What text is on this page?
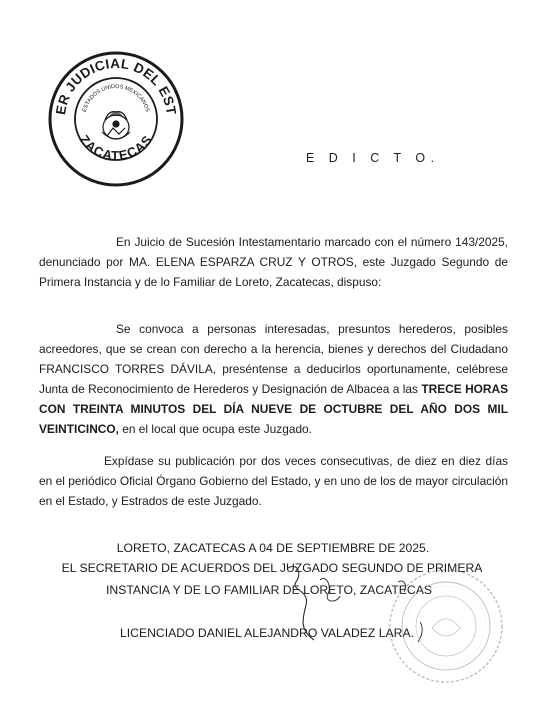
ER JUDICIAL DEL EST
ZACATECAS
ESTADOS UNIDOS MEXICANOS
E D I C T O.
En Juicio de Sucesión Intestamentario marcado con el número 143/2025, denunciado por MA. ELENA ESPARZA CRUZ Y OTROS, este Juzgado Segundo de Primera Instancia y de lo Familiar de Loreto, Zacatecas, dispuso:
Se convoca a personas interesadas, presuntos herederos, posibles acreedores, que se crean con derecho a la herencia, bienes y derechos del Ciudadano FRANCISCO TORRES DÁVILA, preséntense a deducirlos oportunamente, celébrese Junta de Reconocimiento de Herederos y Designación de Albacea a las TRECE HORAS CON TREINTA MINUTOS DEL DÍA NUEVE DE OCTUBRE DEL AÑO DOS MIL VEINTICINCO, en el local que ocupa este Juzgado.
Expídase su publicación por dos veces consecutivas, de diez en diez días en el periódico Oficial Órgano Gobierno del Estado, y en uno de los de mayor circulación en el Estado, y Estrados de este Juzgado.
LORETO, ZACATECAS A 04 DE SEPTIEMBRE DE 2025.
EL SECRETARIO DE ACUERDOS DEL JUZGADO SEGUNDO DE PRIMERA
INSTANCIA Y DE LO FAMILIAR DE LORETO, ZACATECAS
LICENCIADO DANIEL ALEJANDRO VALADEZ LARA.
